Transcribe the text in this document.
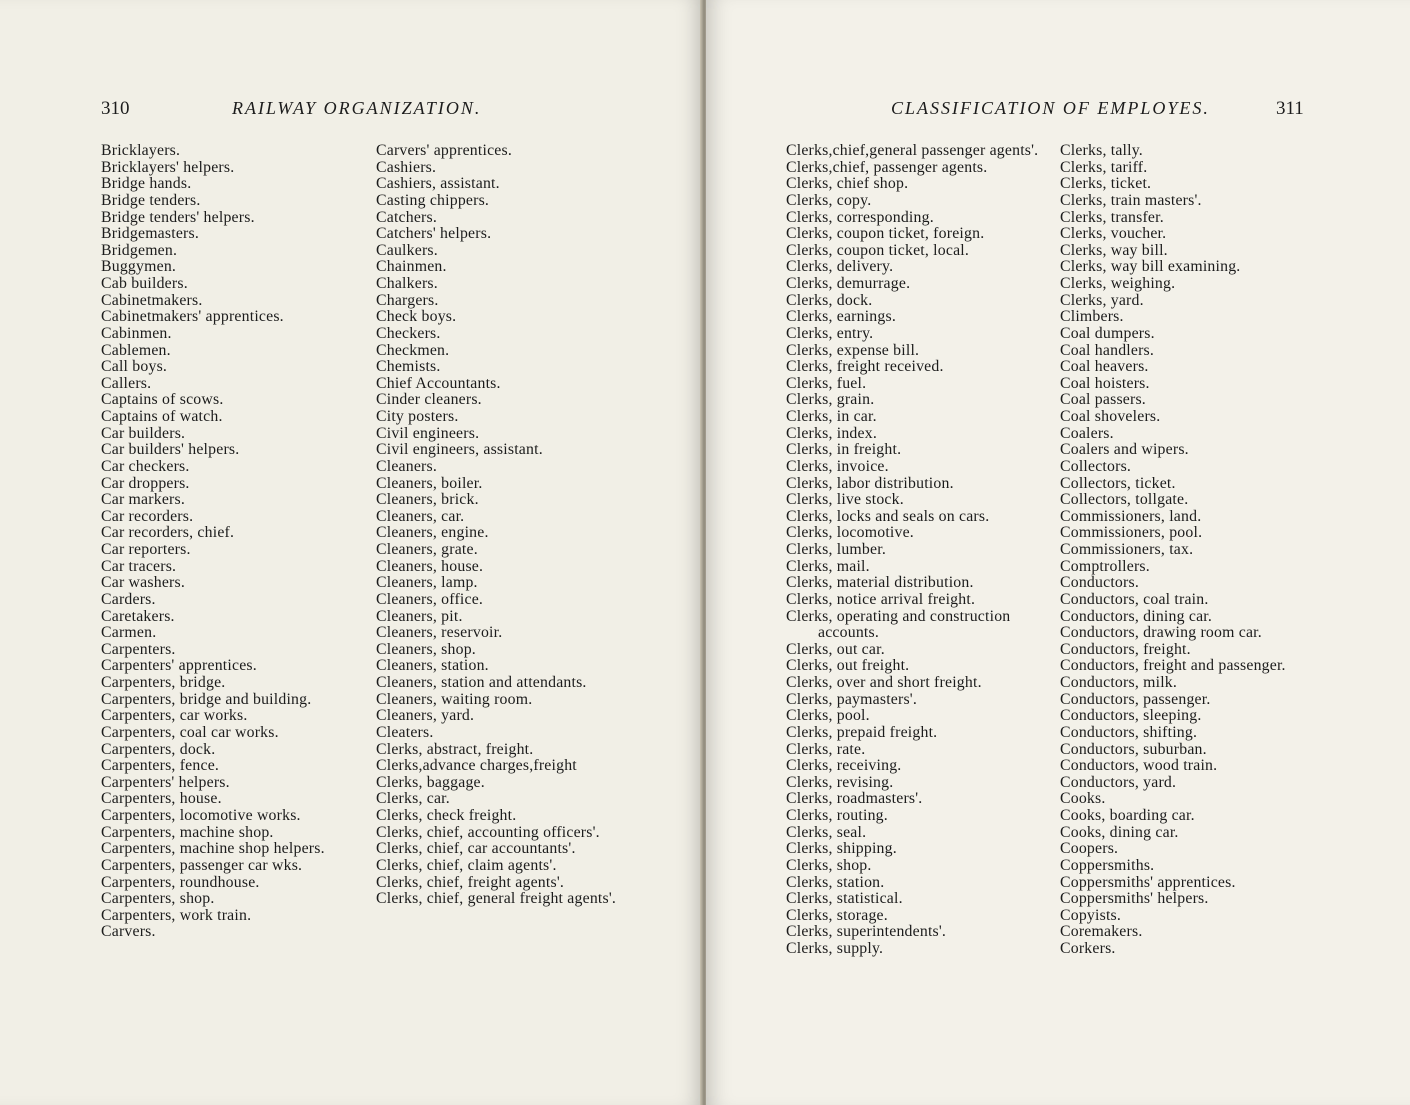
310	RAILWAY ORGANIZATION.
Bricklayers.
Bricklayers' helpers.
Bridge hands.
Bridge tenders.
Bridge tenders' helpers.
Bridgemasters.
Bridgemen.
Buggymen.
Cab builders.
Cabinetmakers.
Cabinetmakers' apprentices.
Cabinmen.
Cablemen.
Call boys.
Callers.
Captains of scows.
Captains of watch.
Car builders.
Car builders' helpers.
Car checkers.
Car droppers.
Car markers.
Car recorders.
Car recorders, chief.
Car reporters.
Car tracers.
Car washers.
Carders.
Caretakers.
Carmen.
Carpenters.
Carpenters' apprentices.
Carpenters, bridge.
Carpenters, bridge and building.
Carpenters, car works.
Carpenters, coal car works.
Carpenters, dock.
Carpenters, fence.
Carpenters' helpers.
Carpenters, house.
Carpenters, locomotive works.
Carpenters, machine shop.
Carpenters, machine shop helpers.
Carpenters, passenger car wks.
Carpenters, roundhouse.
Carpenters, shop.
Carpenters, work train.
Carvers.
Carvers' apprentices.
Cashiers.
Cashiers, assistant.
Casting chippers.
Catchers.
Catchers' helpers.
Caulkers.
Chainmen.
Chalkers.
Chargers.
Check boys.
Checkers.
Checkmen.
Chemists.
Chief Accountants.
Cinder cleaners.
City posters.
Civil engineers.
Civil engineers, assistant.
Cleaners.
Cleaners, boiler.
Cleaners, brick.
Cleaners, car.
Cleaners, engine.
Cleaners, grate.
Cleaners, house.
Cleaners, lamp.
Cleaners, office.
Cleaners, pit.
Cleaners, reservoir.
Cleaners, shop.
Cleaners, station.
Cleaners, station and attendants.
Cleaners, waiting room.
Cleaners, yard.
Cleaters.
Clerks, abstract, freight.
Clerks,advance charges,freight
Clerks, baggage.
Clerks, car.
Clerks, check freight.
Clerks, chief, accounting officers'.
Clerks, chief, car accountants'.
Clerks, chief, claim agents'.
Clerks, chief, freight agents'.
Clerks, chief, general freight agents'.
CLASSIFICATION OF EMPLOYES.	311
Clerks,chief,general passenger agents'.
Clerks,chief, passenger agents.
Clerks, chief shop.
Clerks, copy.
Clerks, corresponding.
Clerks, coupon ticket, foreign.
Clerks, coupon ticket, local.
Clerks, delivery.
Clerks, demurrage.
Clerks, dock.
Clerks, earnings.
Clerks, entry.
Clerks, expense bill.
Clerks, freight received.
Clerks, fuel.
Clerks, grain.
Clerks, in car.
Clerks, index.
Clerks, in freight.
Clerks, invoice.
Clerks, labor distribution.
Clerks, live stock.
Clerks, locks and seals on cars.
Clerks, locomotive.
Clerks, lumber.
Clerks, mail.
Clerks, material distribution.
Clerks, notice arrival freight.
Clerks, operating and construction accounts.
Clerks, out car.
Clerks, out freight.
Clerks, over and short freight.
Clerks, paymasters'.
Clerks, pool.
Clerks, prepaid freight.
Clerks, rate.
Clerks, receiving.
Clerks, revising.
Clerks, roadmasters'.
Clerks, routing.
Clerks, seal.
Clerks, shipping.
Clerks, shop.
Clerks, station.
Clerks, statistical.
Clerks, storage.
Clerks, superintendents'.
Clerks, supply.
Clerks, tally.
Clerks, tariff.
Clerks, ticket.
Clerks, train masters'.
Clerks, transfer.
Clerks, voucher.
Clerks, way bill.
Clerks, way bill examining.
Clerks, weighing.
Clerks, yard.
Climbers.
Coal dumpers.
Coal handlers.
Coal heavers.
Coal hoisters.
Coal passers.
Coal shovelers.
Coalers.
Coalers and wipers.
Collectors.
Collectors, ticket.
Collectors, tollgate.
Commissioners, land.
Commissioners, pool.
Commissioners, tax.
Comptrollers.
Conductors.
Conductors, coal train.
Conductors, dining car.
Conductors, drawing room car.
Conductors, freight.
Conductors, freight and passenger.
Conductors, milk.
Conductors, passenger.
Conductors, sleeping.
Conductors, shifting.
Conductors, suburban.
Conductors, wood train.
Conductors, yard.
Cooks.
Cooks, boarding car.
Cooks, dining car.
Coopers.
Coppersmiths.
Coppersmiths' apprentices.
Coppersmiths' helpers.
Copyists.
Coremakers.
Corkers.
